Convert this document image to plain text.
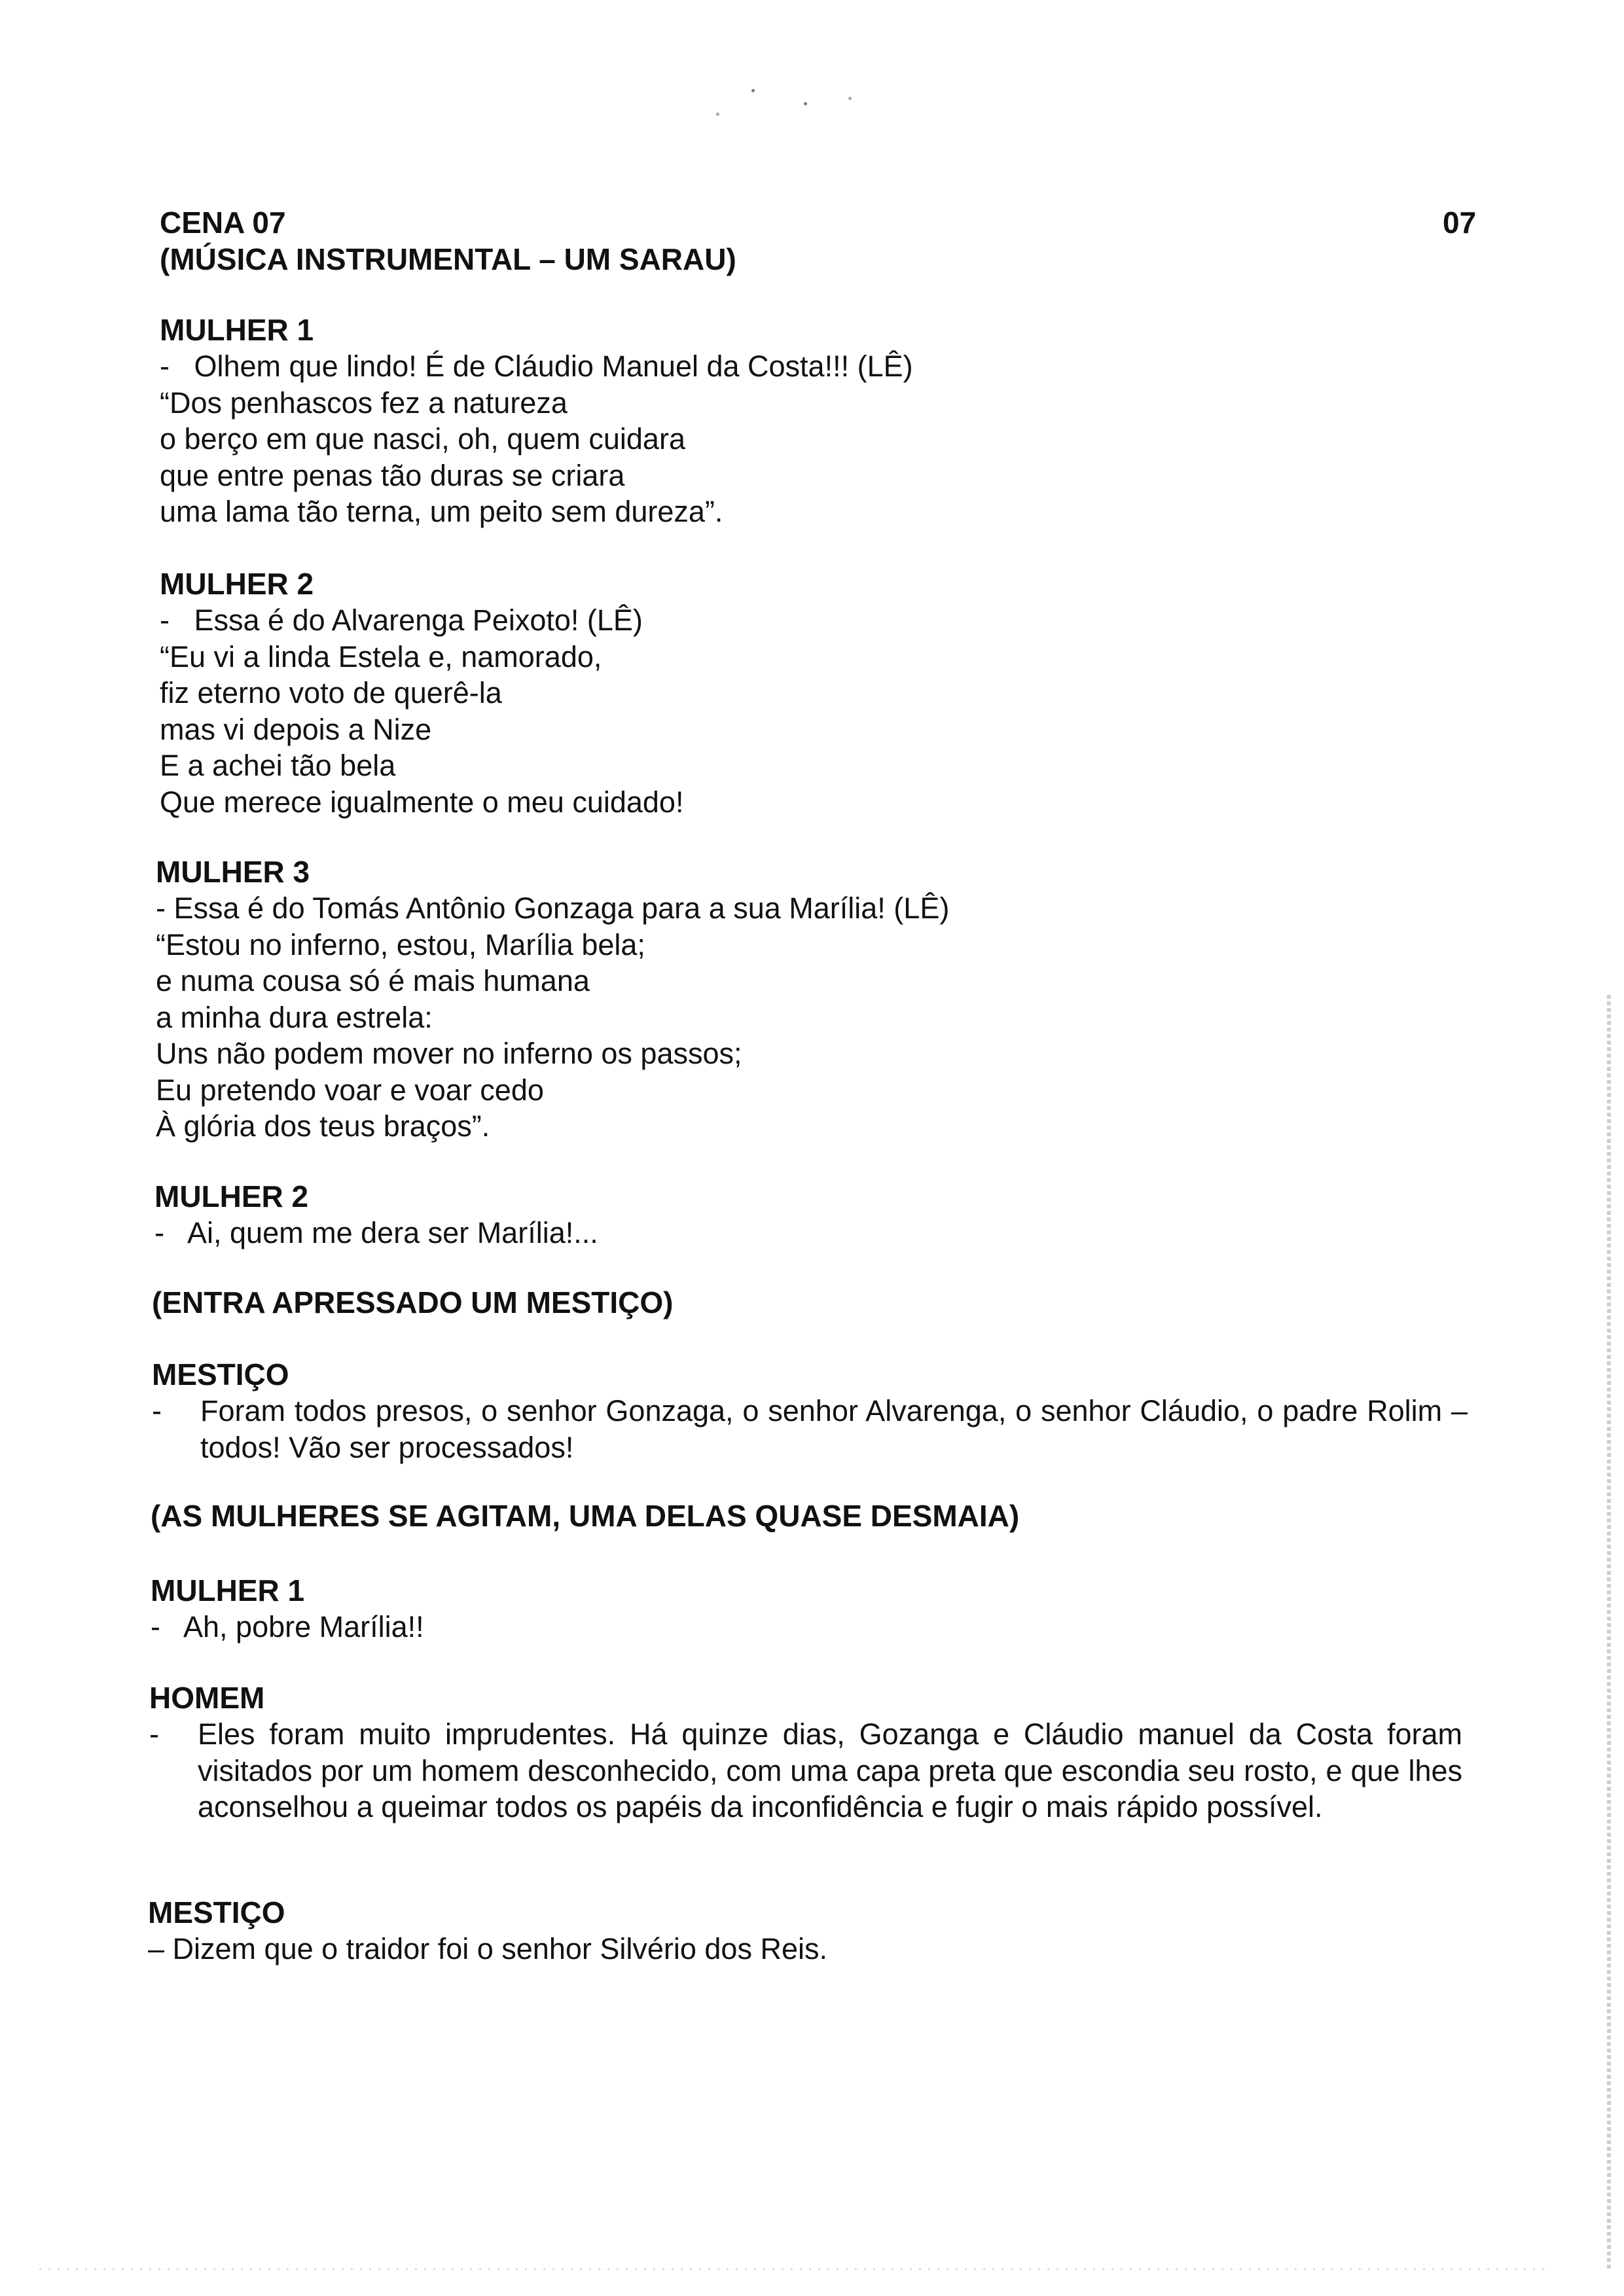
CENA 07
(MÚSICA INSTRUMENTAL – UM SARAU)
07
MULHER 1
-   Olhem que lindo! É de Cláudio Manuel da Costa!!! (LÊ)
“Dos penhascos fez a natureza
o berço em que nasci, oh, quem cuidara
que entre penas tão duras se criara
uma lama tão terna, um peito sem dureza”.
MULHER 2
-   Essa é do Alvarenga Peixoto! (LÊ)
“Eu vi a linda Estela e, namorado,
fiz eterno voto de querê-la
mas vi depois a Nize
E a achei tão bela
Que merece igualmente o meu cuidado!
MULHER 3
- Essa é do Tomás Antônio Gonzaga para a sua Marília! (LÊ)
“Estou no inferno, estou, Marília bela;
e numa cousa só é mais humana
a minha dura estrela:
Uns não podem mover no inferno os passos;
Eu pretendo voar e voar cedo
À glória dos teus braços”.
MULHER 2
-   Ai, quem me dera ser Marília!...
(ENTRA APRESSADO UM MESTIÇO)
MESTIÇO
-	Foram todos presos, o senhor Gonzaga, o senhor Alvarenga, o senhor Cláudio, o padre Rolim – todos! Vão ser processados!
(AS MULHERES SE AGITAM, UMA DELAS QUASE DESMAIA)
MULHER 1
-   Ah, pobre Marília!!
HOMEM
-	Eles foram muito imprudentes. Há quinze dias, Gozanga e Cláudio manuel da Costa foram visitados por um homem desconhecido, com uma capa preta que escondia seu rosto, e que lhes aconselhou a queimar todos os papéis da inconfidência e fugir o mais rápido possível.
MESTIÇO
– Dizem que o traidor foi o senhor Silvério dos Reis.
